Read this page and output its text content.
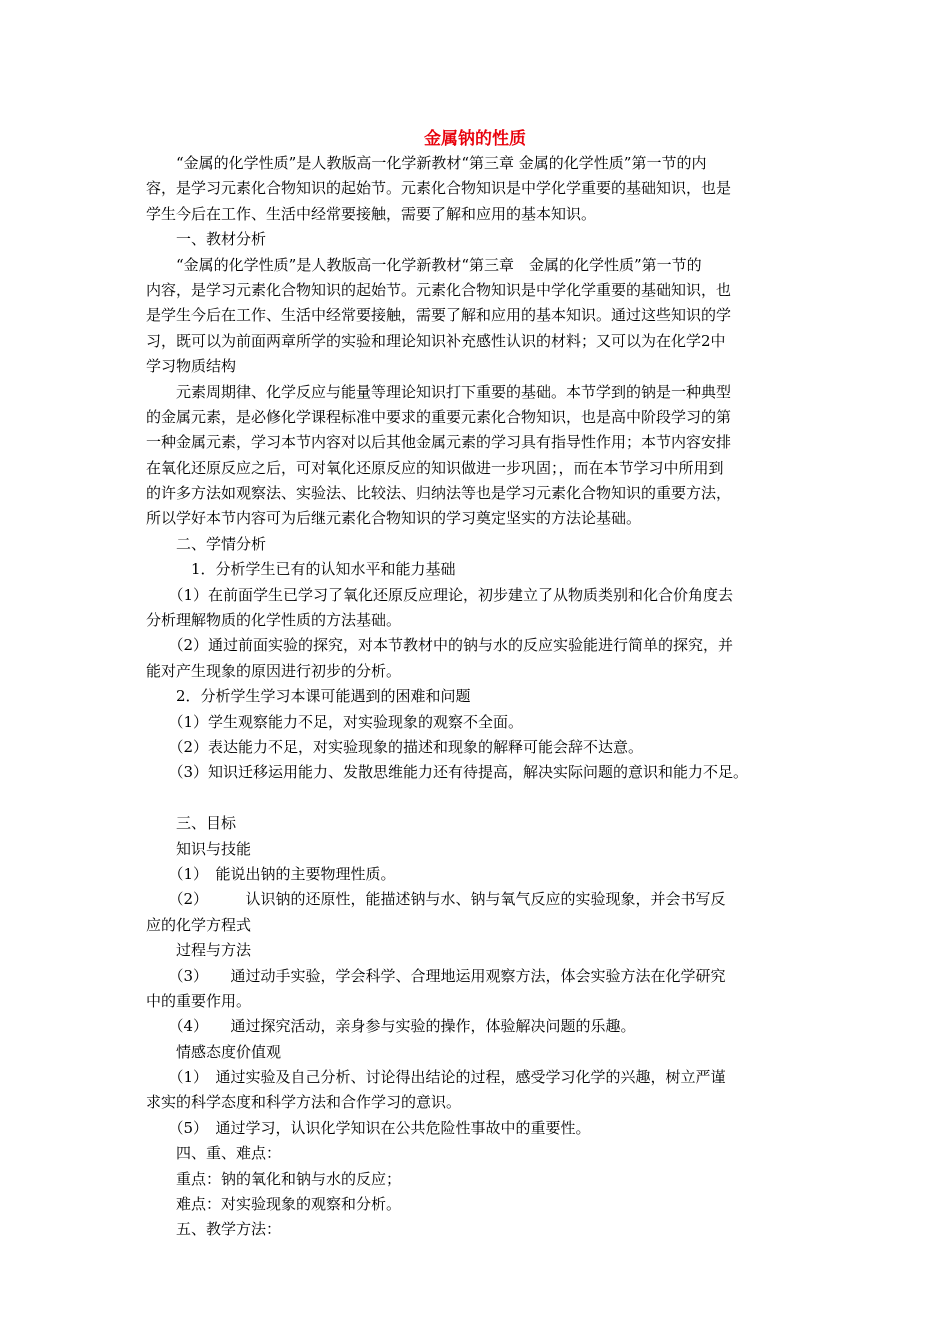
金属钠的性质
　　“金属的化学性质”是人教版高一化学新教材“第三章 金属的化学性质”第一节的内
容，是学习元素化合物知识的起始节。元素化合物知识是中学化学重要的基础知识，也是
学生今后在工作、生活中经常要接触，需要了解和应用的基本知识。
　　一、教材分析
　　“金属的化学性质”是人教版高一化学新教材“第三章　金属的化学性质”第一节的
内容，是学习元素化合物知识的起始节。元素化合物知识是中学化学重要的基础知识，也
是学生今后在工作、生活中经常要接触，需要了解和应用的基本知识。通过这些知识的学
习，既可以为前面两章所学的实验和理论知识补充感性认识的材料；又可以为在化学2中
学习物质结构
　　元素周期律、化学反应与能量等理论知识打下重要的基础。本节学到的钠是一种典型
的金属元素，是必修化学课程标准中要求的重要元素化合物知识，也是高中阶段学习的第
一种金属元素，学习本节内容对以后其他金属元素的学习具有指导性作用；本节内容安排
在氧化还原反应之后，可对氧化还原反应的知识做进一步巩固；，而在本节学习中所用到
的许多方法如观察法、实验法、比较法、归纳法等也是学习元素化合物知识的重要方法，
所以学好本节内容可为后继元素化合物知识的学习奠定坚实的方法论基础。
　　二、学情分析
　　　1．分析学生已有的认知水平和能力基础
　　（1）在前面学生已学习了氧化还原反应理论，初步建立了从物质类别和化合价角度去
分析理解物质的化学性质的方法基础。
　　（2）通过前面实验的探究，对本节教材中的钠与水的反应实验能进行简单的探究，并
能对产生现象的原因进行初步的分析。
　　2．分析学生学习本课可能遇到的困难和问题
　　（1）学生观察能力不足，对实验现象的观察不全面。
　　（2）表达能力不足，对实验现象的描述和现象的解释可能会辞不达意。
　　（3）知识迁移运用能力、发散思维能力还有待提高，解决实际问题的意识和能力不足。
　　三、目标
　　知识与技能
　　（1）　能说出钠的主要物理性质。
　　（2）　　　认识钠的还原性，能描述钠与水、钠与氧气反应的实验现象，并会书写反
应的化学方程式
　　过程与方法
　　（3）　　通过动手实验，学会科学、合理地运用观察方法，体会实验方法在化学研究
中的重要作用。
　　（4）　　通过探究活动，亲身参与实验的操作，体验解决问题的乐趣。
　　情感态度价值观
　　（1）　通过实验及自己分析、讨论得出结论的过程，感受学习化学的兴趣，树立严谨
求实的科学态度和科学方法和合作学习的意识。
　　（5）　通过学习，认识化学知识在公共危险性事故中的重要性。
　　四、重、难点：
　　重点：钠的氧化和钠与水的反应；
　　难点：对实验现象的观察和分析。
　　五、教学方法：
